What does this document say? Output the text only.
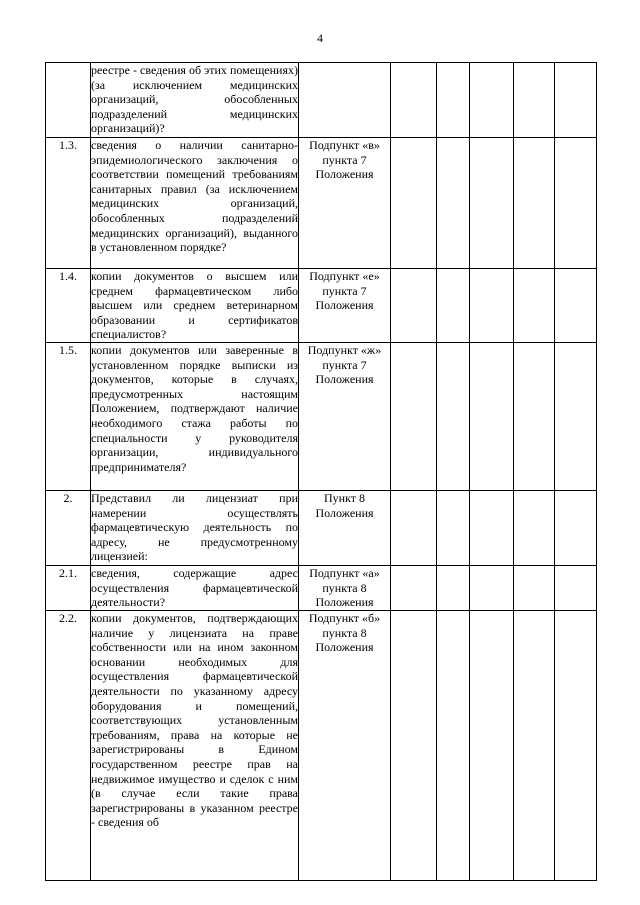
4
	реестре - сведения об этих помещениях) (за исключением медицинских организаций, обособленных подразделений медицинских организаций)?						
1.3.	сведения о наличии санитарно-эпидемиологического заключения о соответствии помещений требованиям санитарных правил (за исключением медицинских организаций, обособленных подразделений медицинских организаций), выданного в установленном порядке?	Подпункт «в» пункта 7 Положения					
1.4.	копии документов о высшем или среднем фармацевтическом либо высшем или среднем ветеринарном образовании и сертификатов специалистов?	Подпункт «е» пункта 7 Положения					
1.5.	копии документов или заверенные в установленном порядке выписки из документов, которые в случаях, предусмотренных настоящим Положением, подтверждают наличие необходимого стажа работы по специальности у руководителя организации, индивидуального предпринимателя?	Подпункт «ж» пункта 7 Положения					
2.	Представил ли лицензиат при намерении осуществлять фармацевтическую деятельность по адресу, не предусмотренному лицензией:	Пункт 8 Положения					
2.1.	сведения, содержащие адрес осуществления фармацевтической деятельности?	Подпункт «а» пункта 8 Положения					
2.2.	копии документов, подтверждающих наличие у лицензиата на праве собственности или на ином законном основании необходимых для осуществления фармацевтической деятельности по указанному адресу оборудования и помещений, соответствующих установленным требованиям, права на которые не зарегистрированы в Едином государственном реестре прав на недвижимое имущество и сделок с ним (в случае если такие права зарегистрированы в указанном реестре - сведения об	Подпункт «б» пункта 8 Положения					
